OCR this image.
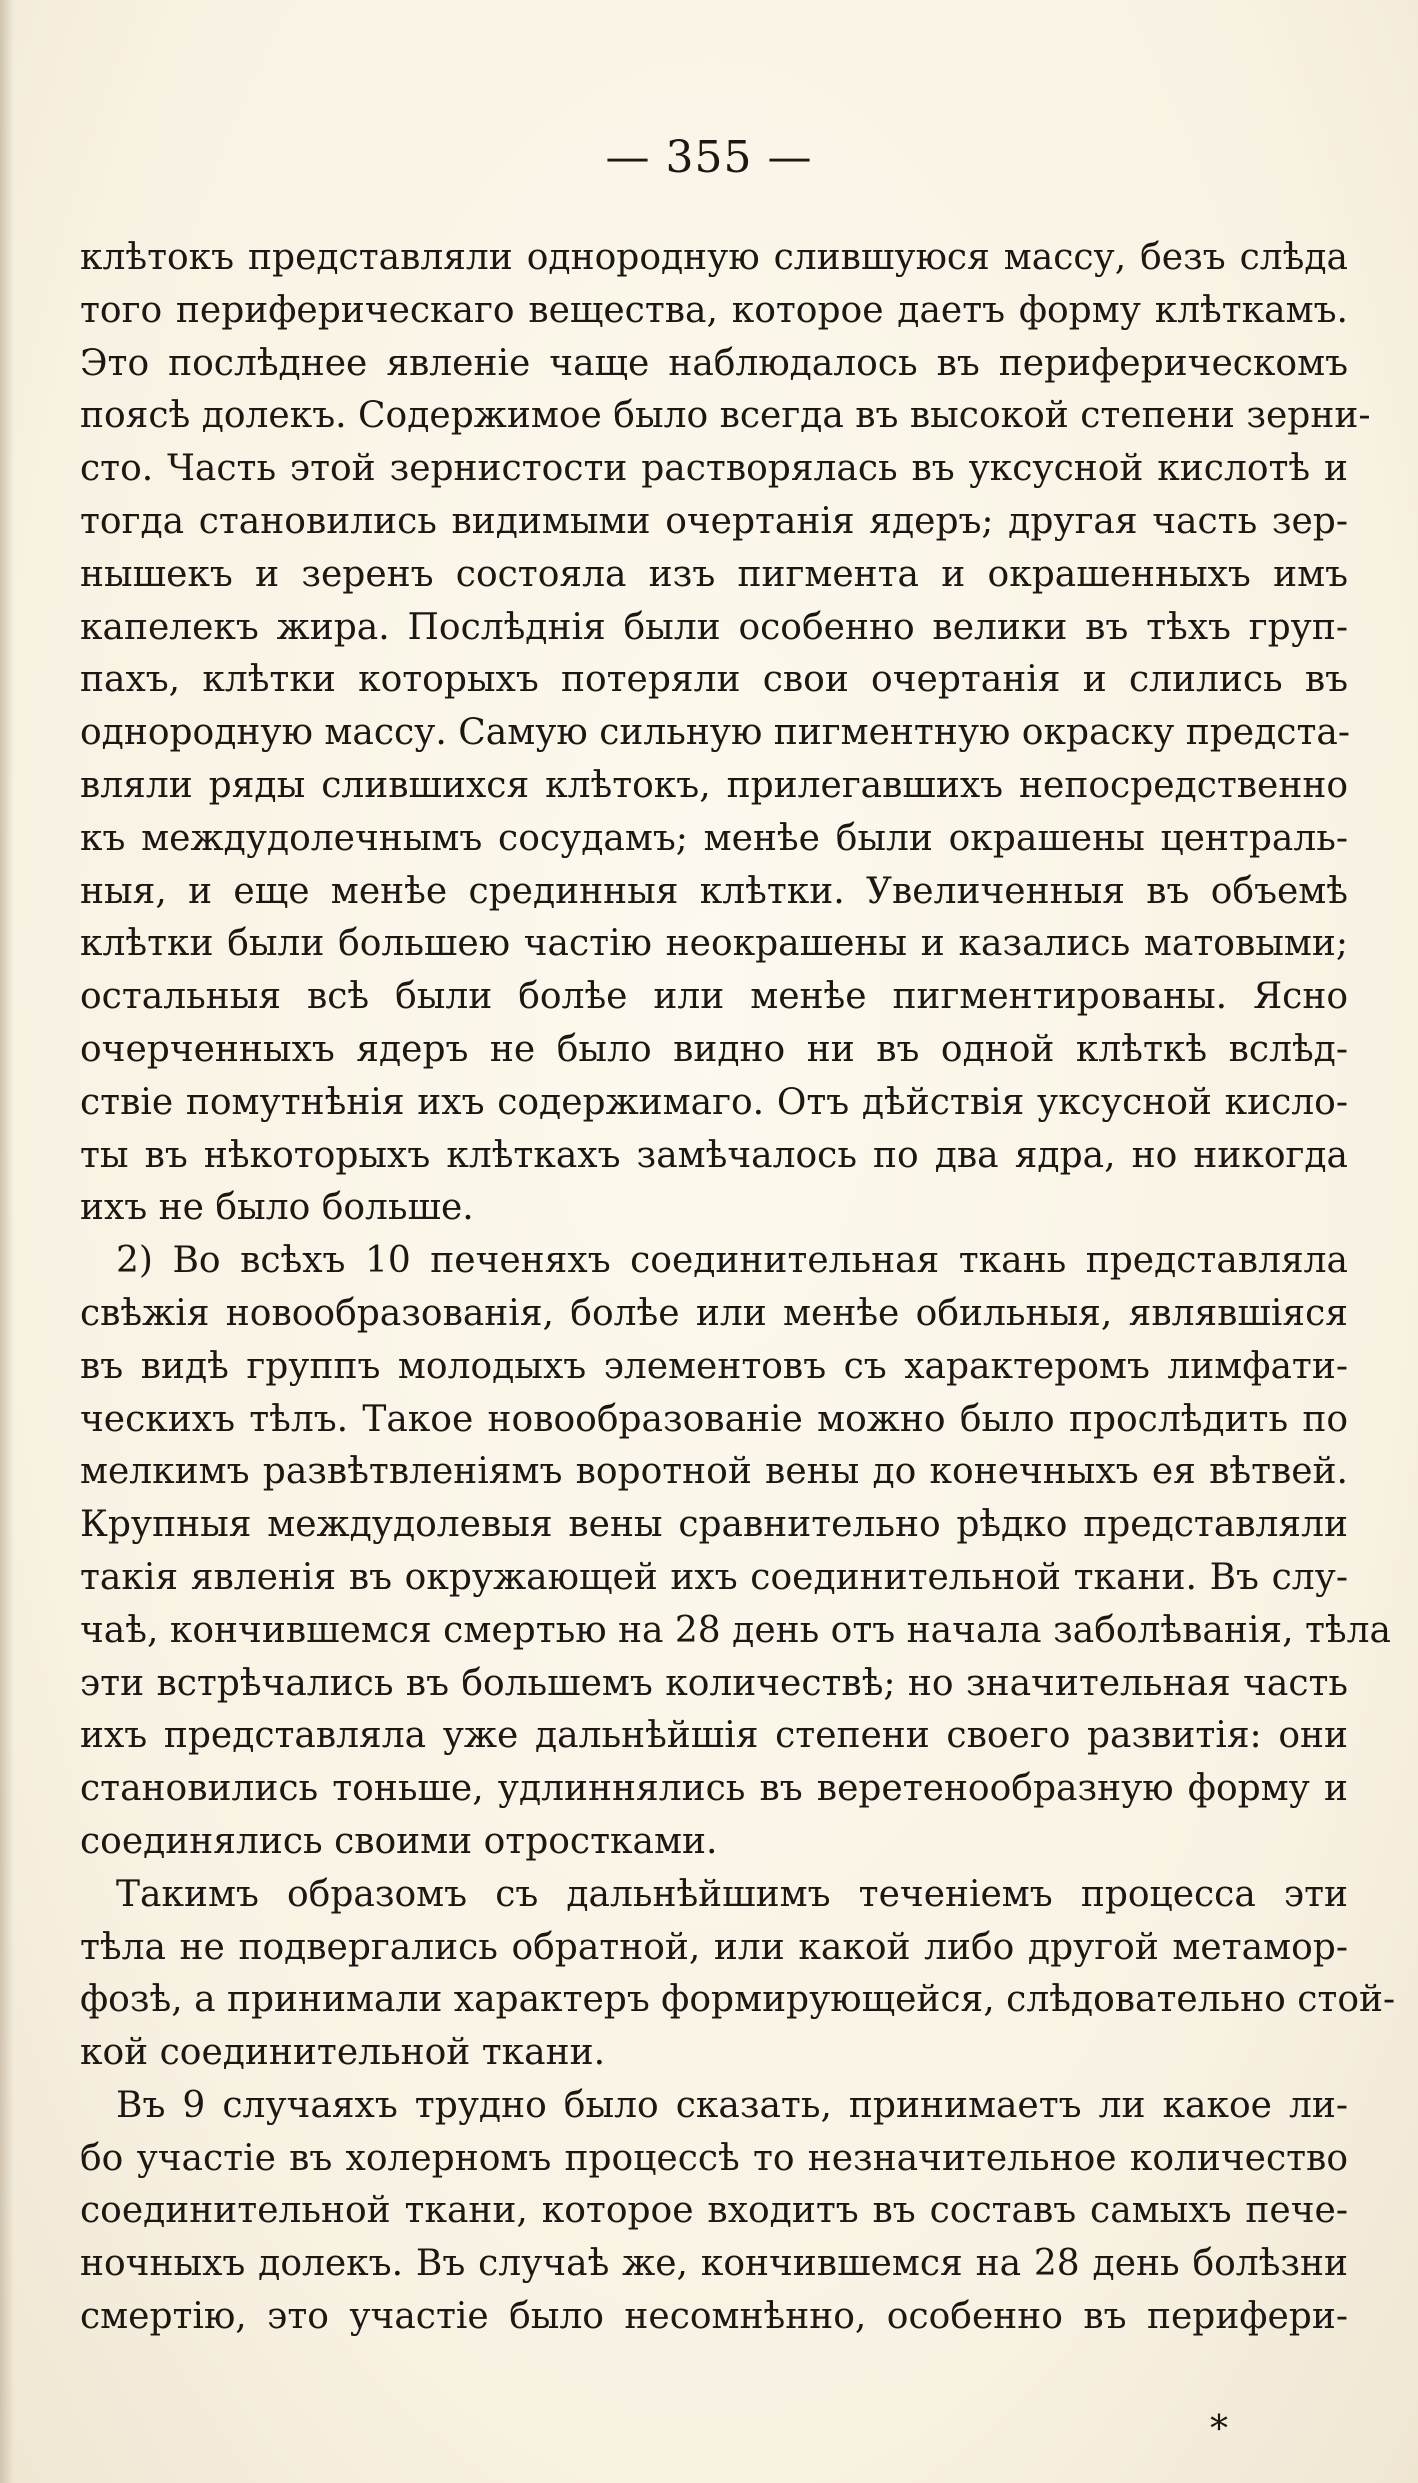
— 355 —
клѣтокъ представляли однородную слившуюся массу, безъ слѣда
того периферическаго вещества, которое даетъ форму клѣткамъ.
Это послѣднее явленіе чаще наблюдалось въ периферическомъ
поясѣ долекъ. Содержимое было всегда въ высокой степени зерни-
сто. Часть этой зернистости растворялась въ уксусной кислотѣ и
тогда становились видимыми очертанія ядеръ; другая часть зер-
нышекъ и зеренъ состояла изъ пигмента и окрашенныхъ имъ
капелекъ жира. Послѣднія были особенно велики въ тѣхъ груп-
пахъ, клѣтки которыхъ потеряли свои очертанія и слились въ
однородную массу. Самую сильную пигментную окраску предста-
вляли ряды слившихся клѣтокъ, прилегавшихъ непосредственно
къ междудолечнымъ сосудамъ; менѣе были окрашены централь-
ныя, и еще менѣе срединныя клѣтки. Увеличенныя въ объемѣ
клѣтки были большею частію неокрашены и казались матовыми;
остальныя всѣ были болѣе или менѣе пигментированы. Ясно
очерченныхъ ядеръ не было видно ни въ одной клѣткѣ вслѣд-
ствіе помутнѣнія ихъ содержимаго. Отъ дѣйствія уксусной кисло-
ты въ нѣкоторыхъ клѣткахъ замѣчалось по два ядра, но никогда
ихъ не было больше.
2) Во всѣхъ 10 печеняхъ соединительная ткань представляла
свѣжія новообразованія, болѣе или менѣе обильныя, являвшіяся
въ видѣ группъ молодыхъ элементовъ съ характеромъ лимфати-
ческихъ тѣлъ. Такое новообразованіе можно было прослѣдить по
мелкимъ развѣтвленіямъ воротной вены до конечныхъ ея вѣтвей.
Крупныя междудолевыя вены сравнительно рѣдко представляли
такія явленія въ окружающей ихъ соединительной ткани. Въ слу-
чаѣ, кончившемся смертью на 28 день отъ начала заболѣванія, тѣла
эти встрѣчались въ большемъ количествѣ; но значительная часть
ихъ представляла уже дальнѣйшія степени своего развитія: они
становились тоньше, удлиннялись въ веретенообразную форму и
соединялись своими отростками.
Такимъ образомъ съ дальнѣйшимъ теченіемъ процесса эти
тѣла не подвергались обратной, или какой либо другой метамор-
фозѣ, а принимали характеръ формирующейся, слѣдовательно стой-
кой соединительной ткани.
Въ 9 случаяхъ трудно было сказать, принимаетъ ли какое ли-
бо участіе въ холерномъ процессѣ то незначительное количество
соединительной ткани, которое входитъ въ составъ самыхъ пече-
ночныхъ долекъ. Въ случаѣ же, кончившемся на 28 день болѣзни
смертію, это участіе было несомнѣнно, особенно въ перифери-
*
